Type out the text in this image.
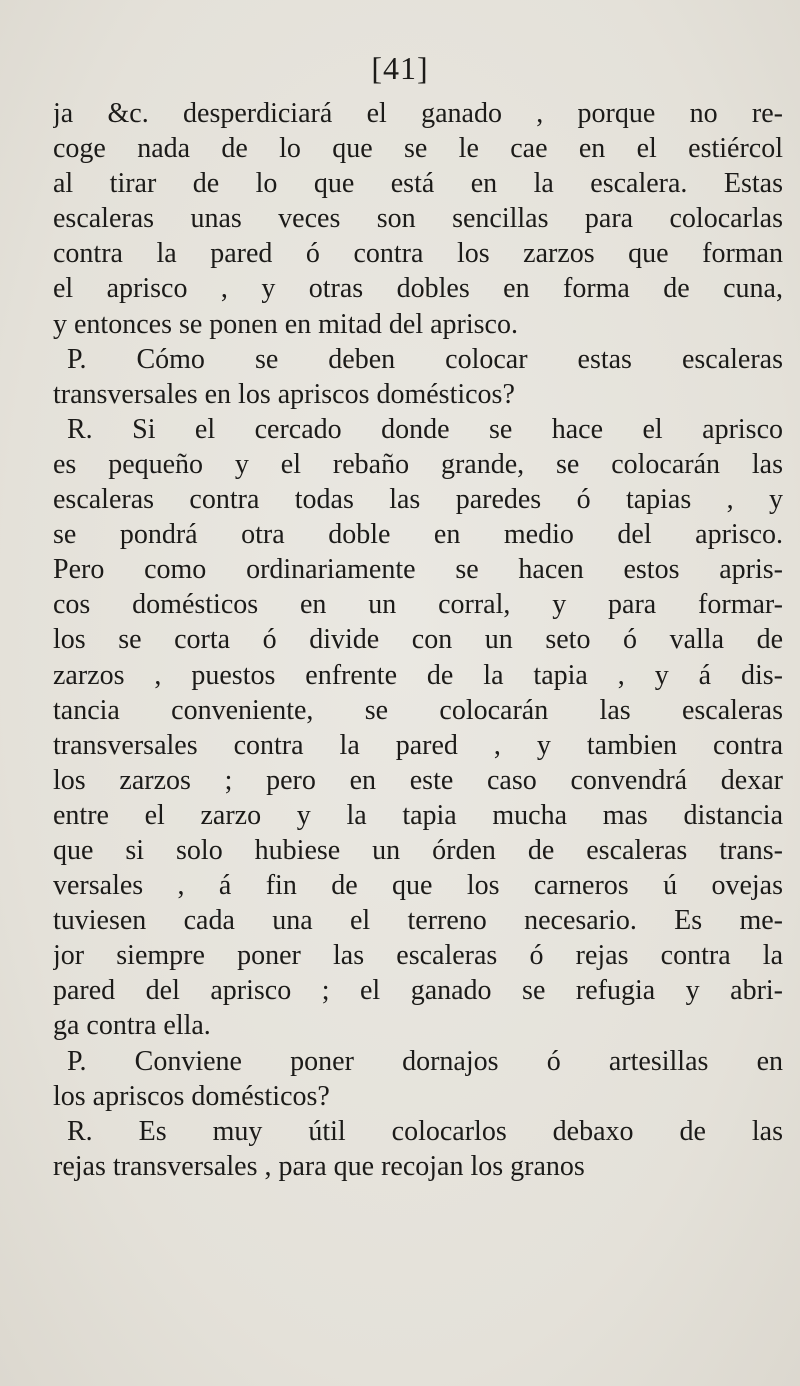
[41]
ja &c. desperdiciará el ganado , porque no re-
coge nada de lo que se le cae en el estiércol
al tirar de lo que está en la escalera. Estas
escaleras unas veces son sencillas para colocarlas
contra la pared ó contra los zarzos que forman
el aprisco , y otras dobles en forma de cuna,
y entonces se ponen en mitad del aprisco.
P. Cómo se deben colocar estas escaleras
transversales en los apriscos domésticos?
R. Si el cercado donde se hace el aprisco
es pequeño y el rebaño grande, se colocarán las
escaleras contra todas las paredes ó tapias , y
se pondrá otra doble en medio del aprisco.
Pero como ordinariamente se hacen estos apris-
cos domésticos en un corral, y para formar-
los se corta ó divide con un seto ó valla de
zarzos , puestos enfrente de la tapia , y á dis-
tancia conveniente, se colocarán las escaleras
transversales contra la pared , y tambien contra
los zarzos ; pero en este caso convendrá dexar
entre el zarzo y la tapia mucha mas distancia
que si solo hubiese un órden de escaleras trans-
versales , á fin de que los carneros ú ovejas
tuviesen cada una el terreno necesario. Es me-
jor siempre poner las escaleras ó rejas contra la
pared del aprisco ; el ganado se refugia y abri-
ga contra ella.
P. Conviene poner dornajos ó artesillas en
los apriscos domésticos?
R. Es muy útil colocarlos debaxo de las
rejas transversales , para que recojan los granos
